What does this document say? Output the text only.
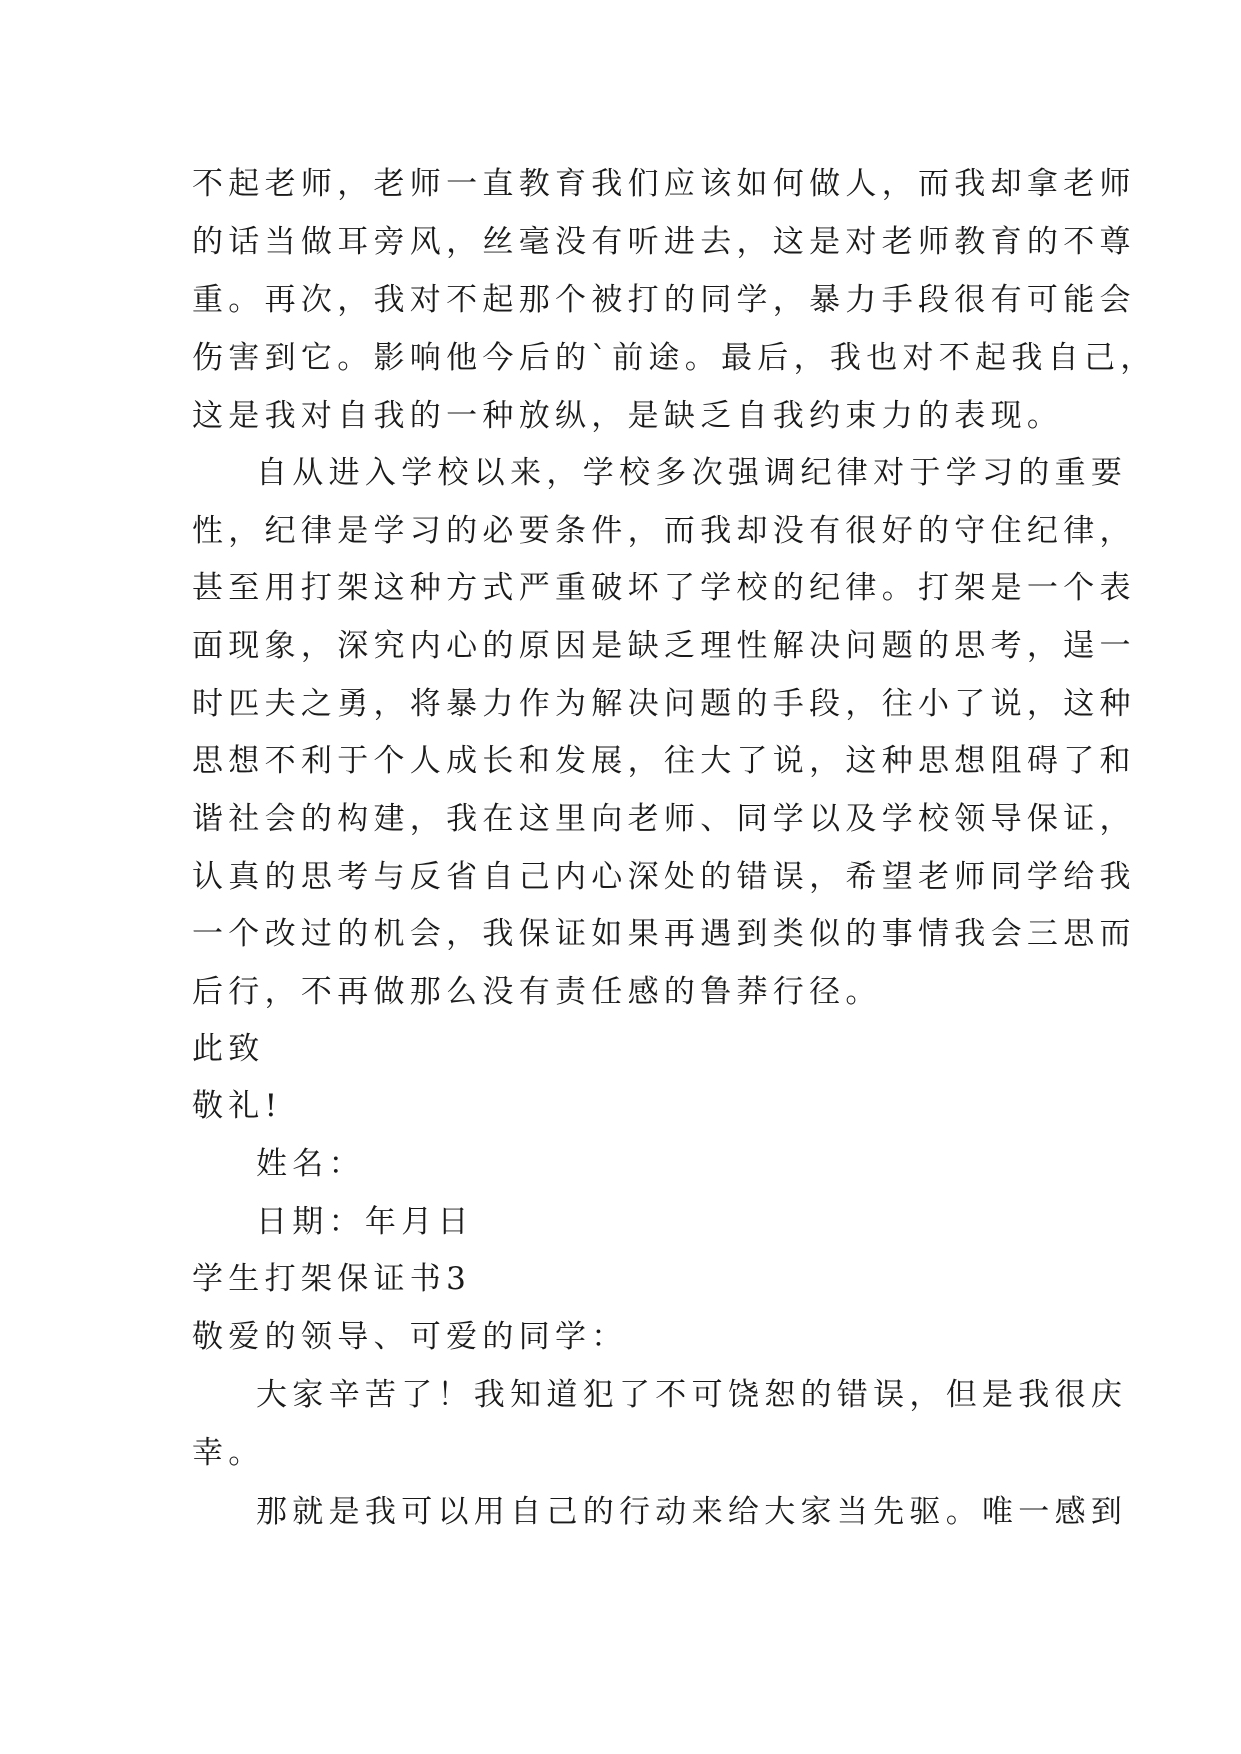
不起老师，老师一直教育我们应该如何做人，而我却拿老师
的话当做耳旁风，丝毫没有听进去，这是对老师教育的不尊
重。再次，我对不起那个被打的同学，暴力手段很有可能会
伤害到它。影响他今后的`前途。最后，我也对不起我自己，
这是我对自我的一种放纵，是缺乏自我约束力的表现。
自从进入学校以来，学校多次强调纪律对于学习的重要
性，纪律是学习的必要条件，而我却没有很好的守住纪律，
甚至用打架这种方式严重破坏了学校的纪律。打架是一个表
面现象，深究内心的原因是缺乏理性解决问题的思考，逞一
时匹夫之勇，将暴力作为解决问题的手段，往小了说，这种
思想不利于个人成长和发展，往大了说，这种思想阻碍了和
谐社会的构建，我在这里向老师、同学以及学校领导保证，
认真的思考与反省自己内心深处的错误，希望老师同学给我
一个改过的机会，我保证如果再遇到类似的事情我会三思而
后行，不再做那么没有责任感的鲁莽行径。
此致
敬礼!
姓名：
日期：年月日
学生打架保证书3
敬爱的领导、可爱的同学：
大家辛苦了！我知道犯了不可饶恕的错误，但是我很庆
幸。
那就是我可以用自己的行动来给大家当先驱。唯一感到
